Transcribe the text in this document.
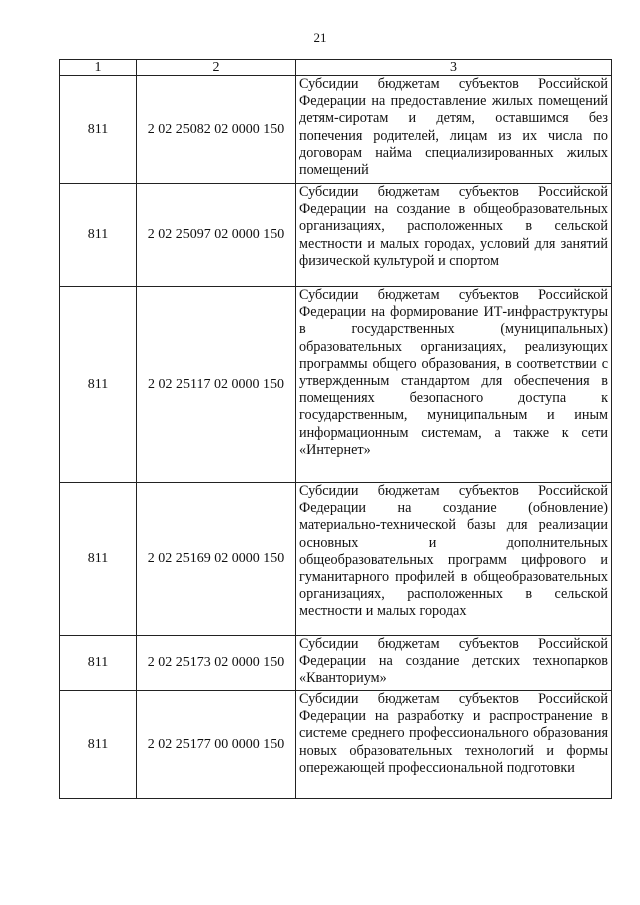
21
1	2	3
811	2 02 25082 02 0000 150	Субсидии бюджетам субъектов Российской Федерации на предоставление жилых помещений детям-сиротам и детям, оставшимся без попечения родителей, лицам из их числа по договорам найма специализированных жилых помещений

811	2 02 25097 02 0000 150	Субсидии бюджетам субъектов Российской Федерации на создание в общеобразовательных организациях, расположенных в сельской местности и малых городах, условий для занятий физической культурой и спортом

811	2 02 25117 02 0000 150	Субсидии бюджетам субъектов Российской Федерации на формирование ИТ-инфраструктуры в государственных (муниципальных) образовательных организациях, реализующих программы общего образования, в соответствии с утвержденным стандартом для обеспечения в помещениях безопасного доступа к государственным, муниципальным и иным информационным системам, а также к сети «Интернет»

811	2 02 25169 02 0000 150	Субсидии бюджетам субъектов Российской Федерации на создание (обновление) материально-технической базы для реализации основных и дополнительных общеобразовательных программ цифрового и гуманитарного профилей в общеобразовательных организациях, расположенных в сельской местности и малых городах

811	2 02 25173 02 0000 150	Субсидии бюджетам субъектов Российской Федерации на создание детских технопарков «Кванториум»

811	2 02 25177 00 0000 150	Субсидии бюджетам субъектов Российской Федерации на разработку и распространение в системе среднего профессионального образования новых образовательных технологий и формы опережающей профессиональной подготовки
